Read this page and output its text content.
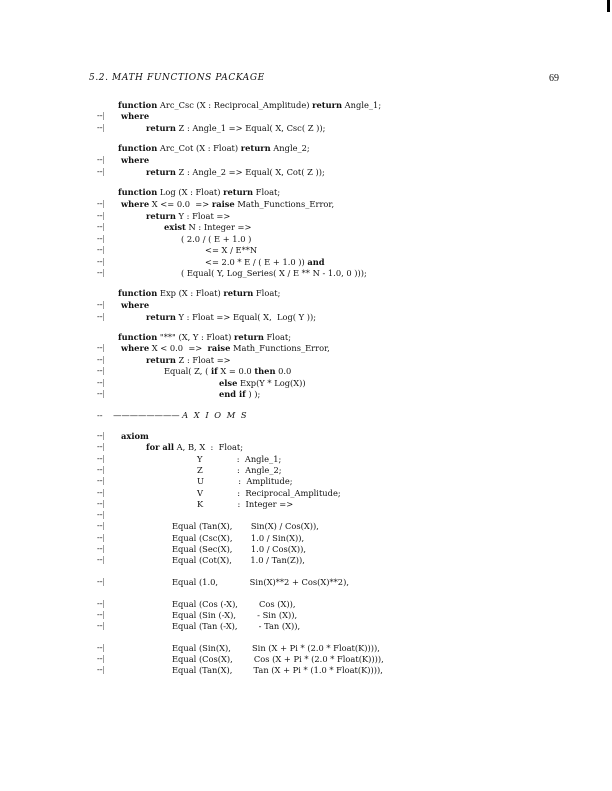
5.2. MATH FUNCTIONS PACKAGE	69
function Arc_Csc (X : Reciprocal_Amplitude) return Angle_1;
--| where
--|	return Z : Angle_1 => Equal( X, Csc( Z ));
function Arc_Cot (X : Float) return Angle_2;
--| where
--|	return Z : Angle_2 => Equal( X, Cot( Z ));
function Log (X : Float) return Float;
--| where X <= 0.0  => raise Math_Functions_Error,
--|	return Y : Float =>
--|	exist N : Integer =>
--|	( 2.0 / ( E + 1.0 )
--|	<= X / E**N
--|	<= 2.0 * E / ( E + 1.0 )) and
--|	( Equal( Y, Log_Series( X / E ** N - 1.0, 0 )));
function Exp (X : Float) return Float;
--| where
--|	return Y : Float => Equal( X,  Log( Y ));
function "**" (X, Y : Float) return Float;
--| where X < 0.0  =>  raise Math_Functions_Error,
--|	return Z : Float =>
--|	Equal( Z, ( if X = 0.0 then 0.0
--|	else Exp(Y * Log(X))
--|	end if ) );
--    ———————— A X I O M S
--| axiom
--|	for all A, B, X  :  Float;
--|	Y             :  Angle_1;
--|	Z             :  Angle_2;
--|	U             :  Amplitude;
--|	V             :  Reciprocal_Amplitude;
--|	K             :  Integer =>
--|
--|	Equal (Tan(X),       Sin(X) / Cos(X)),
--|	Equal (Csc(X),       1.0 / Sin(X)),
--|	Equal (Sec(X),       1.0 / Cos(X)),
--|	Equal (Cot(X),       1.0 / Tan(Z)),
--|	Equal (1.0,            Sin(X)**2 + Cos(X)**2),
--|	Equal (Cos (-X),        Cos (X)),
--|	Equal (Sin (-X),        - Sin (X)),
--|	Equal (Tan (-X),        - Tan (X)),
--|	Equal (Sin(X),        Sin (X + Pi * (2.0 * Float(K)))),
--|	Equal (Cos(X),        Cos (X + Pi * (2.0 * Float(K)))),
--|	Equal (Tan(X),        Tan (X + Pi * (1.0 * Float(K)))),
